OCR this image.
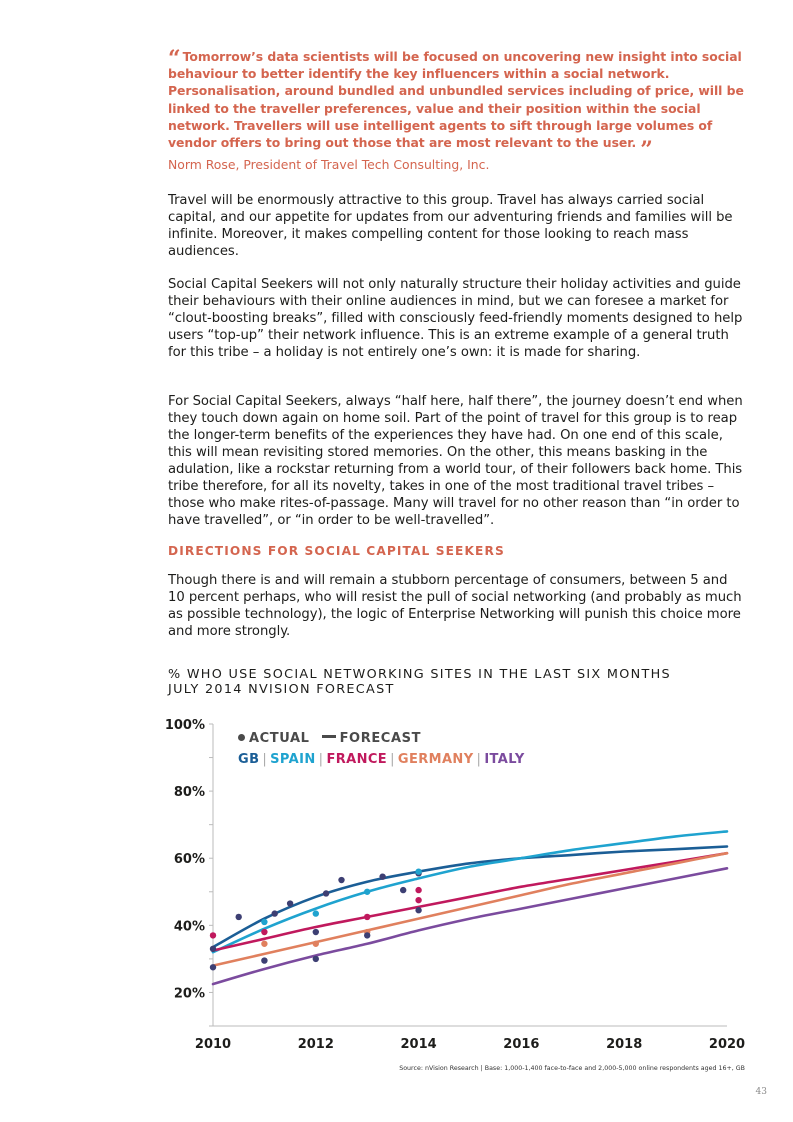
“ Tomorrow’s data scientists will be focused on uncovering new insight into social behaviour to better identify the key influencers within a social network. Personalisation, around bundled and unbundled services including of price, will be linked to the traveller preferences, value and their position within the social network. Travellers will use intelligent agents to sift through large volumes of vendor offers to bring out those that are most relevant to the user. ”

Norm Rose, President of Travel Tech Consulting, Inc.

Travel will be enormously attractive to this group. Travel has always carried social capital, and our appetite for updates from our adventuring friends and families will be infinite. Moreover, it makes compelling content for those looking to reach mass audiences.

Social Capital Seekers will not only naturally structure their holiday activities and guide their behaviours with their online audiences in mind, but we can foresee a market for “clout-boosting breaks”, filled with consciously feed-friendly moments designed to help users “top-up” their network influence. This is an extreme example of a general truth for this tribe – a holiday is not entirely one’s own: it is made for sharing.

For Social Capital Seekers, always “half here, half there”, the journey doesn’t end when they touch down again on home soil. Part of the point of travel for this group is to reap the longer-term benefits of the experiences they have had. On one end of this scale, this will mean revisiting stored memories. On the other, this means basking in the adulation, like a rockstar returning from a world tour, of their followers back home. This tribe therefore, for all its novelty, takes in one of the most traditional travel tribes – those who make rites-of-passage. Many will travel for no other reason than “in order to have travelled”, or “in order to be well-travelled”.

DIRECTIONS FOR SOCIAL CAPITAL SEEKERS

Though there is and will remain a stubborn percentage of consumers, between 5 and 10 percent perhaps, who will resist the pull of social networking (and probably as much as possible technology), the logic of Enterprise Networking will punish this choice more and more strongly.

% WHO USE SOCIAL NETWORKING SITES IN THE LAST SIX MONTHS
JULY 2014 NVISION FORECAST
20%
40%
60%
80%
100%
2010	2012	2014	2016	2018	2020
ACTUAL FORECAST
GB | SPAIN | FRANCE | GERMANY | ITALY
Source: nVision Research | Base: 1,000-1,400 face-to-face and 2,000-5,000 online respondents aged 16+, GB
43
